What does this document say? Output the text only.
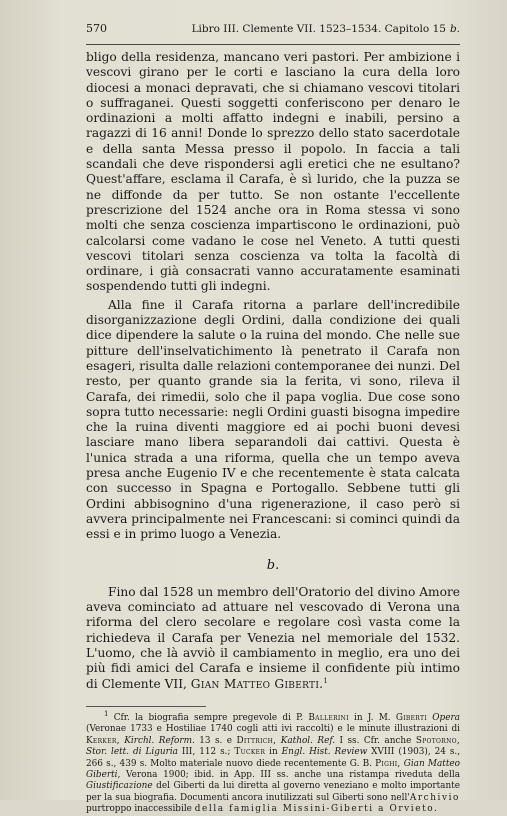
570	Libro III. Clemente VII. 1523–1534. Capitolo 15 b.

bligo della residenza, mancano veri pastori. Per ambizione i vescovi girano per le corti e lasciano la cura della loro diocesi a monaci depravati, che si chiamano vescovi titolari o suffraganei. Questi soggetti conferiscono per denaro le ordinazioni a molti affatto indegni e inabili, persino a ragazzi di 16 anni! Donde lo sprezzo dello stato sacerdotale e della santa Messa presso il popolo. In faccia a tali scandali che deve rispondersi agli eretici che ne esultano? Quest'affare, esclama il Carafa, è sì lurido, che la puzza se ne diffonde da per tutto. Se non ostante l'eccellente prescrizione del 1524 anche ora in Roma stessa vi sono molti che senza coscienza impartiscono le ordinazioni, può calcolarsi come vadano le cose nel Veneto. A tutti questi vescovi titolari senza coscienza va tolta la facoltà di ordinare, i già consacrati vanno accuratamente esaminati sospendendo tutti gli indegni.

Alla fine il Carafa ritorna a parlare dell'incredibile disorganizzazione degli Ordini, dalla condizione dei quali dice dipendere la salute o la ruina del mondo. Che nelle sue pitture dell'inselvatichimento là penetrato il Carafa non esageri, risulta dalle relazioni contemporanee dei nunzi. Del resto, per quanto grande sia la ferita, vi sono, rileva il Carafa, dei rimedii, solo che il papa voglia. Due cose sono sopra tutto necessarie: negli Ordini guasti bisogna impedire che la ruina diventi maggiore ed ai pochi buoni devesi lasciare mano libera separandoli dai cattivi. Questa è l'unica strada a una riforma, quella che un tempo aveva presa anche Eugenio IV e che recentemente è stata calcata con successo in Spagna e Portogallo. Sebbene tutti gli Ordini abbisognino d'una rigenerazione, il caso però si avvera principalmente nei Francescani: si cominci quindi da essi e in primo luogo a Venezia.

b.

Fino dal 1528 un membro dell'Oratorio del divino Amore aveva cominciato ad attuare nel vescovado di Verona una riforma del clero secolare e regolare così vasta come la richiedeva il Carafa per Venezia nel memoriale del 1532. L'uomo, che là avviò il cambiamento in meglio, era uno dei più fidi amici del Carafa e insieme il confidente più intimo di Clemente VII, Gian Matteo Giberti.$^1$

$^1$ Cfr. la biografia sempre pregevole di P. Ballerini in J. M. Giberti Opera (Veronae 1733 e Hostiliae 1740 cogli atti ivi raccolti) e le minute illustrazioni di Kerker, Kirchl. Reform. 13 s. e Dittrich, Kathol. Ref. I ss. Cfr. anche Spotorno, Stor. lett. di Liguria III, 112 s.; Tucker in Engl. Hist. Review XVIII (1903), 24 s., 266 s., 439 s. Molto materiale nuovo diede recentemente G. B. Pighi, Gian Matteo Giberti, Verona 1900; ibid. in App. III ss. anche una ristampa riveduta della Giustificazione del Giberti da lui diretta al governo veneziano e molto importante per la sua biografia. Documenti ancora inutilizzati sul Giberti sono nell'Archivio purtroppo inaccessibile della famiglia Missini-Giberti a Orvieto.
